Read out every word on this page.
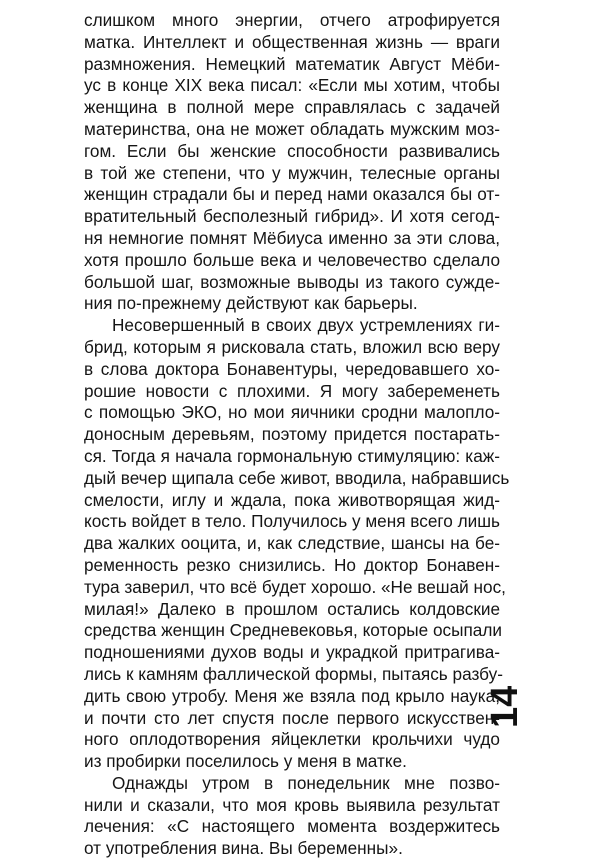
слишком много энергии, отчего атрофируется
матка. Интеллект и общественная жизнь — враги
размножения. Немецкий математик Август Мёби-
ус в конце XIX века писал: «Если мы хотим, чтобы
женщина в полной мере справлялась с задачей
материнства, она не может обладать мужским моз-
гом. Если бы женские способности развивались
в той же степени, что у мужчин, телесные органы
женщин страдали бы и перед нами оказался бы от-
вратительный бесполезный гибрид». И хотя сегод-
ня немногие помнят Мёбиуса именно за эти слова,
хотя прошло больше века и человечество сделало
большой шаг, возможные выводы из такого сужде-
ния по-прежнему действуют как барьеры.
Несовершенный в своих двух устремлениях ги-
брид, которым я рисковала стать, вложил всю веру
в слова доктора Бонавентуры, чередовавшего хо-
рошие новости с плохими. Я могу забеременеть
с помощью ЭКО, но мои яичники сродни малопло-
доносным деревьям, поэтому придется постарать-
ся. Тогда я начала гормональную стимуляцию: каж-
дый вечер щипала себе живот, вводила, набравшись
смелости, иглу и ждала, пока животворящая жид-
кость войдет в тело. Получилось у меня всего лишь
два жалких ооцита, и, как следствие, шансы на бе-
ременность резко снизились. Но доктор Бонавен-
тура заверил, что всё будет хорошо. «Не вешай нос,
милая!» Далеко в прошлом остались колдовские
средства женщин Средневековья, которые осыпали
подношениями духов воды и украдкой притрагива-
лись к камням фаллической формы, пытаясь разбу-
дить свою утробу. Меня же взяла под крыло наука,
и почти сто лет спустя после первого искусствен-
ного оплодотворения яйцеклетки крольчихи чудо
из пробирки поселилось у меня в матке.
Однажды утром в понедельник мне позво-
нили и сказали, что моя кровь выявила результат
лечения: «С настоящего момента воздержитесь
от употребления вина. Вы беременны».
14
